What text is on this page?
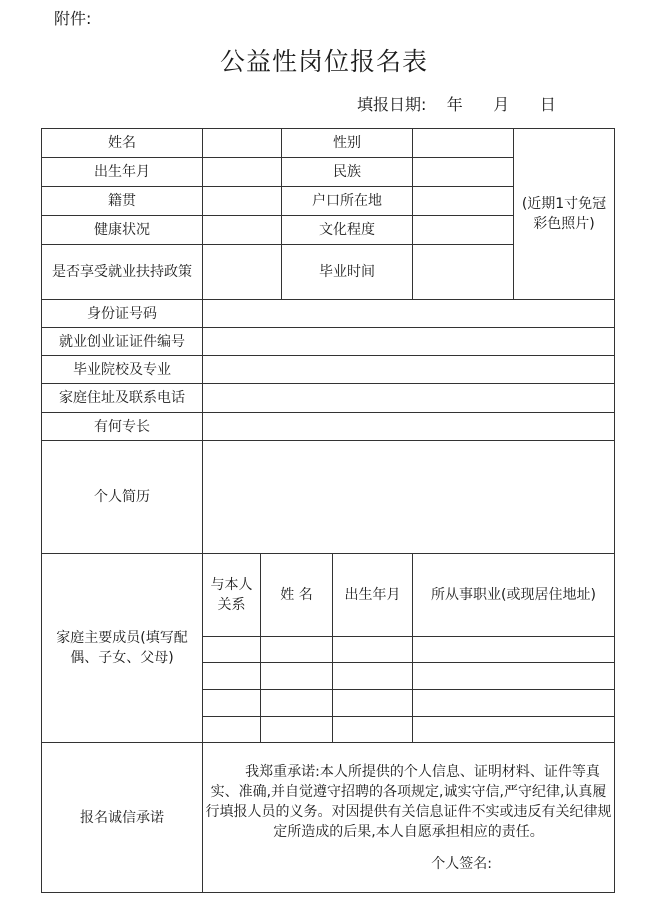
附件:
公益性岗位报名表
填报日期: 年 月 日
姓名			性别			(近期1寸免冠彩色照片)
出生年月			民族			
籍贯			户口所在地			
健康状况			文化程度			
是否享受就业扶持政策			毕业时间			
身份证号码						
就业创业证证件编号						
毕业院校及专业						
家庭住址及联系电话						
有何专长						
个人简历						
家庭主要成员(填写配偶、子女、父母)	与本人关系	姓 名		出生年月	所从事职业(或现居住地址)	

报名诚信承诺	我郑重承诺:本人所提供的个人信息、证明材料、证件等真实、准确,并自觉遵守招聘的各项规定,诚实守信,严守纪律,认真履行填报人员的义务。对因提供有关信息证件不实或违反有关纪律规定所造成的后果,本人自愿承担相应的责任。
个人签名:					
